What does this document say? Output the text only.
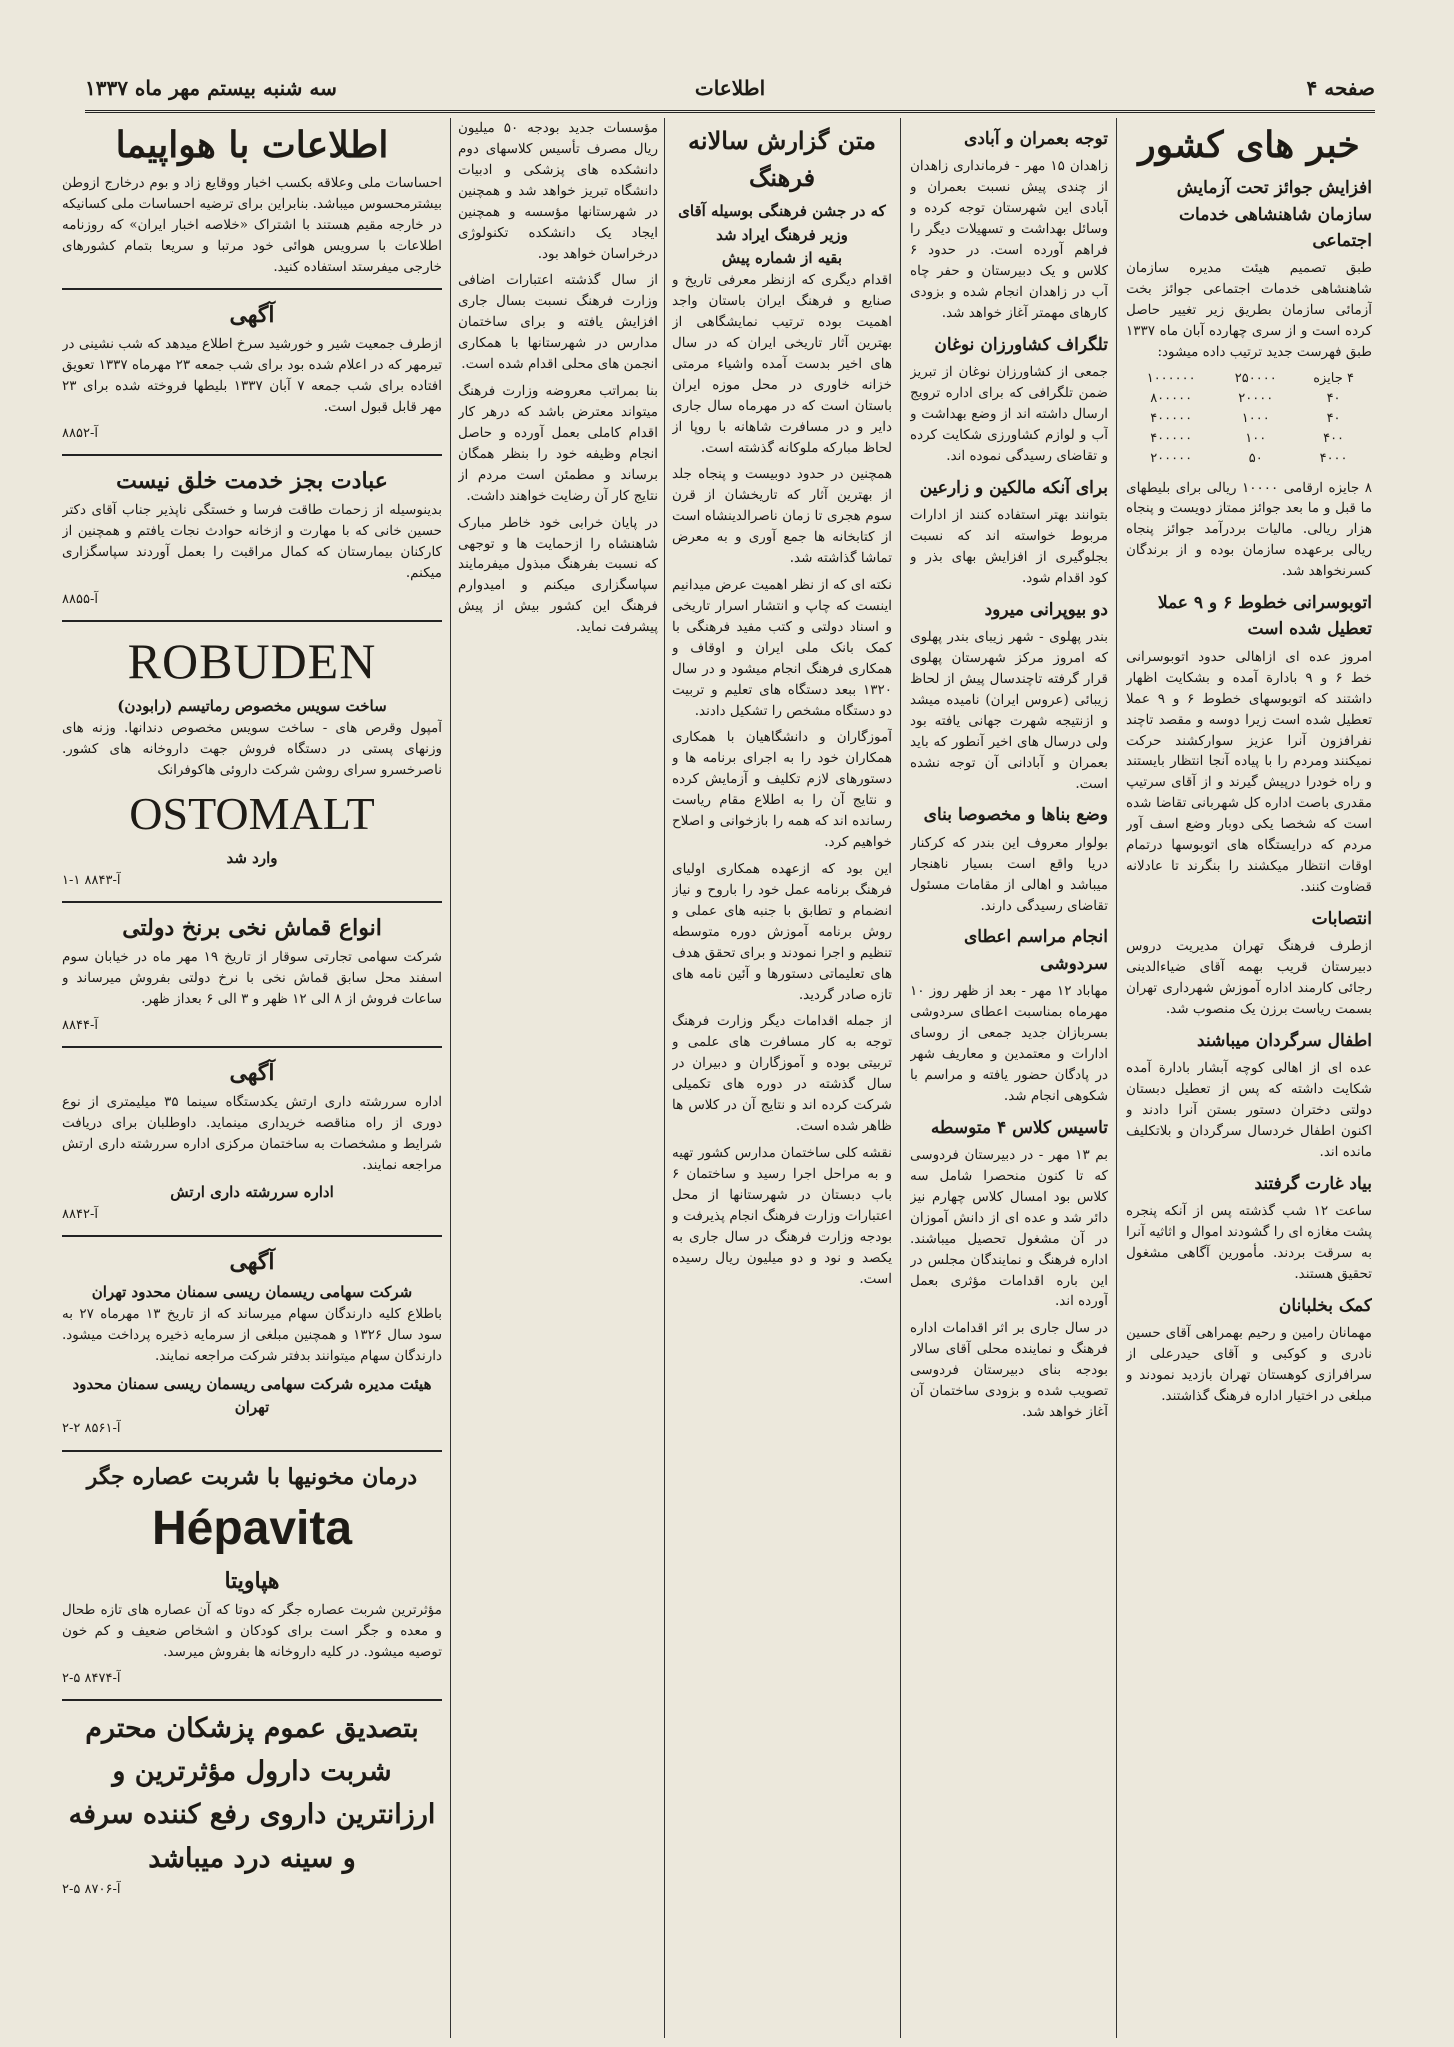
صفحه ۴
اطلاعات
سه شنبه بیستم مهر ماه ۱۳۳۷
خبر های کشور
افزایش جوائز تحت آزمایش سازمان شاهنشاهی خدمات اجتماعی

طبق تصمیم هیئت مدیره سازمان شاهنشاهی خدمات اجتماعی جوائز بخت آزمائی سازمان بطریق زیر تغییر حاصل کرده است و از سری چهارده آبان ماه ۱۳۳۷ طبق فهرست جدید ترتیب داده میشود:

۴ جایزه	۲۵۰۰۰۰	۱۰۰۰۰۰۰
۴۰	۲۰۰۰۰	۸۰۰۰۰۰
۴۰	۱۰۰۰	۴۰۰۰۰۰
۴۰۰	۱۰۰	۴۰۰۰۰۰
۴۰۰۰	۵۰	۲۰۰۰۰۰

۸ جایزه ارقامی ۱۰۰۰۰ ریالی برای بلیطهای ما قبل و ما بعد جوائز ممتاز دویست و پنجاه هزار ریالی. مالیات بردرآمد جوائز پنجاه ریالی برعهده سازمان بوده و از برندگان کسرنخواهد شد.

اتوبوسرانی خطوط ۶ و ۹ عملا تعطیل شده است

امروز عده ای ازاهالی حدود اتوبوسرانی خط ۶ و ۹ بادارة آمده و بشکایت اظهار داشتند که اتوبوسهای خطوط ۶ و ۹ عملا تعطیل شده است زیرا دوسه و مقصد تاچند نفرافزون آنرا عزیز سوارکشند حرکت نمیکنند ومردم را با پیاده آنجا انتظار بایستند و راه خودرا درپیش گیرند و از آقای سرتیپ مقدری باصت اداره کل شهربانی تقاضا شده است که شخصا یکی دوبار وضع اسف آور مردم که درایستگاه های اتوبوسها درتمام اوقات انتظار میکشند را بنگرند تا عادلانه قضاوت کنند.

انتصابات

ازطرف فرهنگ تهران مدیریت دروس دبیرستان قریب بهمه آقای ضیاءالدینی رجائی کارمند اداره آموزش شهرداری تهران بسمت ریاست برزن یک منصوب شد.

اطفال سرگردان میباشند

عده ای از اهالی کوچه آبشار بادارة آمده شکایت داشته که پس از تعطیل دبستان دولتی دختران دستور بستن آنرا دادند و اکنون اطفال خردسال سرگردان و بلاتکلیف مانده اند.

بیاد غارت گرفتند

ساعت ۱۲ شب گذشته پس از آنکه پنجره پشت مغازه ای را گشودند اموال و اثاثیه آنرا به سرقت بردند. مأمورین آگاهی مشغول تحقیق هستند.

کمک بخلبانان

مهمانان رامین و رحیم بهمراهی آقای حسین نادری و کوکبی و آقای حیدرعلی از سرافرازی کوهستان تهران بازدید نمودند و مبلغی در اختیار اداره فرهنگ گذاشتند.

توجه بعمران و آبادی

زاهدان ۱۵ مهر - فرمانداری زاهدان از چندی پیش نسبت بعمران و آبادی این شهرستان توجه کرده و وسائل بهداشت و تسهیلات دیگر را فراهم آورده است. در حدود ۶ کلاس و یک دبیرستان و حفر چاه آب در زاهدان انجام شده و بزودی کارهای مهمتر آغاز خواهد شد.

تلگراف کشاورزان نوغان

جمعی از کشاورزان نوغان از تبریز ضمن تلگرافی که برای اداره ترویج ارسال داشته اند از وضع بهداشت و آب و لوازم کشاورزی شکایت کرده و تقاضای رسیدگی نموده اند.

برای آنکه مالکین و زارعین

بتوانند بهتر استفاده کنند از ادارات مربوط خواسته اند که نسبت بجلوگیری از افزایش بهای بذر و کود اقدام شود.

دو بیوپرانی میرود

بندر پهلوی - شهر زیبای بندر پهلوی که امروز مرکز شهرستان پهلوی قرار گرفته تاچندسال پیش از لحاظ زیبائی (عروس ایران) نامیده میشد و ازنتیجه شهرت جهانی یافته بود ولی درسال های اخیر آنطور که باید بعمران و آبادانی آن توجه نشده است.

وضع بناها و مخصوصا بنای

بولوار معروف این بندر که کرکنار دریا واقع است بسیار ناهنجار میباشد و اهالی از مقامات مسئول تقاضای رسیدگی دارند.

انجام مراسم اعطای سردوشی

مهاباد ۱۲ مهر - بعد از ظهر روز ۱۰ مهرماه بمناسبت اعطای سردوشی بسربازان جدید جمعی از روسای ادارات و معتمدین و معاریف شهر در پادگان حضور یافته و مراسم با شکوهی انجام شد.

تاسیس کلاس ۴ متوسطه

بم ۱۳ مهر - در دبیرستان فردوسی که تا کنون منحصرا شامل سه کلاس بود امسال کلاس چهارم نیز دائر شد و عده ای از دانش آموزان در آن مشغول تحصیل میباشند. اداره فرهنگ و نمایندگان مجلس در این باره اقدامات مؤثری بعمل آورده اند.

در سال جاری بر اثر اقدامات اداره فرهنگ و نماینده محلی آقای سالار بودجه بنای دبیرستان فردوسی تصویب شده و بزودی ساختمان آن آغاز خواهد شد.

متن گزارش سالانه فرهنگ
که در جشن فرهنگی بوسیله آقای وزیر فرهنگ ایراد شد
بقیه از شماره پیش

اقدام دیگری که ازنظر معرفی تاریخ و صنایع و فرهنگ ایران باستان واجد اهمیت بوده ترتیب نمایشگاهی از بهترین آثار تاریخی ایران که در سال های اخیر بدست آمده واشیاء مرمتی خزانه خاوری در محل موزه ایران باستان است که در مهرماه سال جاری دایر و در مسافرت شاهانه با روپا از لحاظ مبارکه ملوکانه گذشته است.

همچنین در حدود دوبیست و پنجاه جلد از بهترین آثار که تاریخشان از قرن سوم هجری تا زمان ناصرالدینشاه است از کتابخانه ها جمع آوری و به معرض تماشا گذاشته شد.

نکته ای که از نظر اهمیت عرض میدانیم اینست که چاپ و انتشار اسرار تاریخی و اسناد دولتی و کتب مفید فرهنگی با کمک بانک ملی ایران و اوقاف و همکاری فرهنگ انجام میشود و در سال ۱۳۲۰ ببعد دستگاه های تعلیم و تربیت دو دستگاه مشخص را تشکیل دادند.

آموزگاران و دانشگاهیان با همکاری همکاران خود را به اجرای برنامه ها و دستورهای لازم تکلیف و آزمایش کرده و نتایج آن را به اطلاع مقام ریاست رسانده اند که همه را بازخوانی و اصلاح خواهیم کرد.

این بود که ازعهده همکاری اولیای فرهنگ برنامه عمل خود را باروح و نیاز انضمام و تطابق با جنبه های عملی و روش برنامه آموزش دوره متوسطه تنظیم و اجرا نمودند و برای تحقق هدف های تعلیماتی دستورها و آئین نامه های تازه صادر گردید.

از جمله اقدامات دیگر وزارت فرهنگ توجه به کار مسافرت های علمی و تربیتی بوده و آموزگاران و دبیران در سال گذشته در دوره های تکمیلی شرکت کرده اند و نتایج آن در کلاس ها ظاهر شده است.

نقشه کلی ساختمان مدارس کشور تهیه و به مراحل اجرا رسید و ساختمان ۶ باب دبستان در شهرستانها از محل اعتبارات وزارت فرهنگ انجام پذیرفت و بودجه وزارت فرهنگ در سال جاری به یکصد و نود و دو میلیون ریال رسیده است.

مؤسسات جدید بودجه ۵۰ میلیون ریال مصرف تأسیس کلاسهای دوم دانشکده های پزشکی و ادبیات دانشگاه تبریز خواهد شد و همچنین در شهرستانها مؤسسه و همچنین ایجاد یک دانشکده تکنولوژی درخراسان خواهد بود.

از سال گذشته اعتبارات اضافی وزارت فرهنگ نسبت بسال جاری افزایش یافته و برای ساختمان مدارس در شهرستانها با همکاری انجمن های محلی اقدام شده است.

بنا بمراتب معروضه وزارت فرهنگ میتواند معترض باشد که درهر کار اقدام کاملی بعمل آورده و حاصل انجام وظیفه خود را بنظر همگان برساند و مطمئن است مردم از نتایج کار آن رضایت خواهند داشت.

در پایان خرابی خود خاطر مبارک شاهنشاه را ازحمایت ها و توجهی که نسبت بفرهنگ مبذول میفرمایند سپاسگزاری میکنم و امیدوارم فرهنگ این کشور بیش از پیش پیشرفت نماید.

اطلاعات با هواپیما

احساسات ملی وعلاقه بکسب اخبار ووقایع زاد و بوم درخارج ازوطن بیشترمحسوس میباشد. بنابراین برای ترضیه احساسات ملی کسانیکه در خارجه مقیم هستند با اشتراک «خلاصه اخبار ایران» که روزنامه اطلاعات با سرویس هوائی خود مرتبا و سریعا بتمام کشورهای خارجی میفرستد استفاده کنید.

آگهی

ازطرف جمعیت شیر و خورشید سرخ اطلاع میدهد که شب نشینی در تیرمهر که در اعلام شده بود برای شب جمعه ۲۳ مهرماه ۱۳۳۷ تعویق افتاده برای شب جمعه ۷ آبان ۱۳۳۷ بلیطها فروخته شده برای ۲۳ مهر قابل قبول است.

آ-۸۸۵۲
عبادت بجز خدمت خلق نیست

بدینوسیله از زحمات طاقت فرسا و خستگی ناپذیر جناب آقای دکتر حسین خانی که با مهارت و ازخانه حوادث نجات یافتم و همچنین از کارکنان بیمارستان که کمال مراقبت را بعمل آوردند سپاسگزاری میکنم.

آ-۸۸۵۵
ROBUDEN
ساخت سویس مخصوص رماتیسم (رابودن)

آمپول وقرص های - ساخت سویس مخصوص دندانها. وزنه های وزنهای پستی در دستگاه فروش جهت داروخانه های کشور. ناصرخسرو سرای روشن شرکت داروئی هاکوفرانک

OSTOMALT
وارد شد
آ-۸۸۴۳ ۱-۱
انواع قماش نخی برنخ دولتی

شرکت سهامی تجارتی سوقار از تاریخ ۱۹ مهر ماه در خیابان سوم اسفند محل سابق قماش نخی با نرخ دولتی بفروش میرساند و ساعات فروش از ۸ الی ۱۲ ظهر و ۳ الی ۶ بعداز ظهر.

آ-۸۸۴۴
آگهی

اداره سررشته داری ارتش یکدستگاه سینما ۳۵ میلیمتری از نوع دوری از راه مناقصه خریداری مینماید. داوطلبان برای دریافت شرایط و مشخصات به ساختمان مرکزی اداره سررشته داری ارتش مراجعه نمایند.

اداره سررشته داری ارتش
آ-۸۸۴۲
آگهی
شرکت سهامی ریسمان ریسی سمنان محدود تهران

باطلاع کلیه دارندگان سهام میرساند که از تاریخ ۱۳ مهرماه ۲۷ به سود سال ۱۳۲۶ و همچنین مبلغی از سرمایه ذخیره پرداخت میشود. دارندگان سهام میتوانند بدفتر شرکت مراجعه نمایند.

هیئت مدیره شرکت سهامی ریسمان ریسی سمنان محدود تهران
آ-۸۵۶۱ ۲-۲
درمان مخونیها با شربت عصاره جگر
Hépavita
هپاویتا

مؤثرترین شربت عصاره جگر که دوتا که آن عصاره های تازه طحال و معده و جگر است برای کودکان و اشخاص ضعیف و کم خون توصیه میشود. در کلیه داروخانه ها بفروش میرسد.

آ-۸۴۷۴ ۵-۲
بتصدیق عموم پزشکان محترم شربت دارول مؤثرترین و ارزانترین داروی رفع کننده سرفه و سینه درد میباشد
آ-۸۷۰۶ ۵-۲
